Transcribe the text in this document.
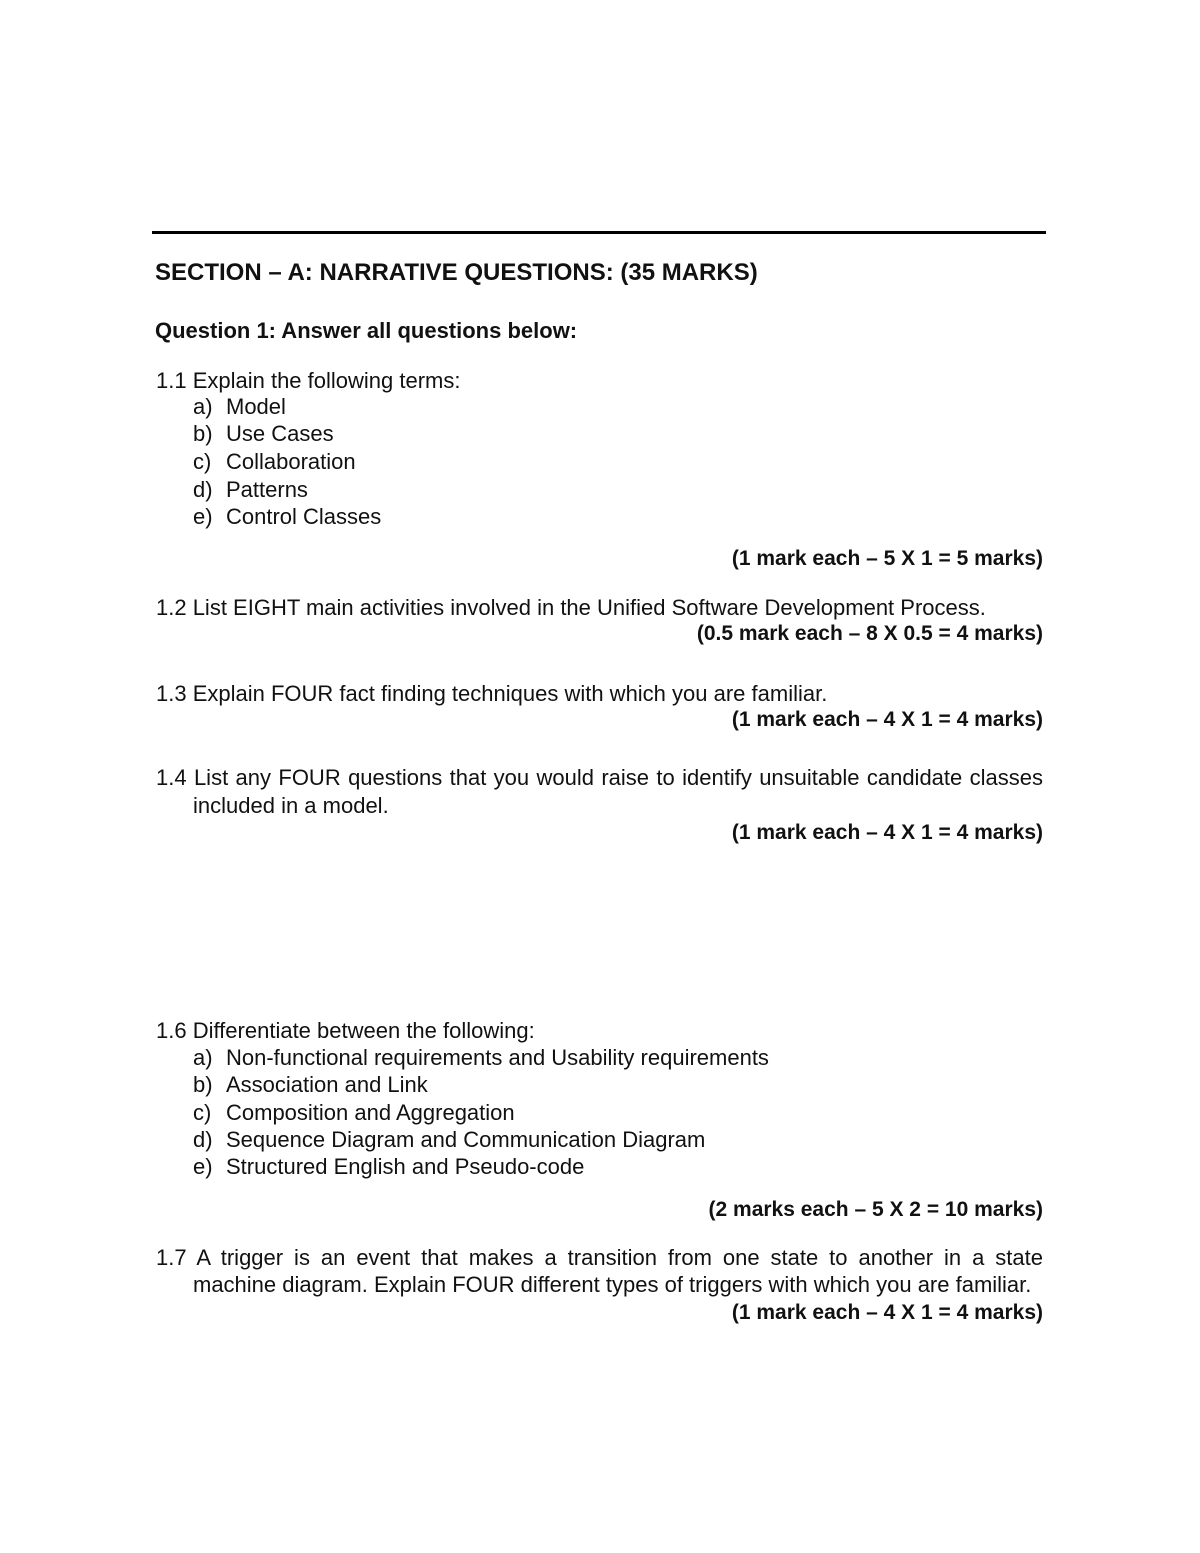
SECTION – A: NARRATIVE QUESTIONS: (35 MARKS)
Question 1: Answer all questions below:
1.1 Explain the following terms:
a) Model
b) Use Cases
c) Collaboration
d) Patterns
e) Control Classes
(1 mark each – 5 X 1 = 5 marks)
1.2 List EIGHT main activities involved in the Unified Software Development Process.
(0.5 mark each – 8 X 0.5 = 4 marks)
1.3 Explain FOUR fact finding techniques with which you are familiar.
(1 mark each – 4 X 1 = 4 marks)
1.4 List any FOUR questions that you would raise to identify unsuitable candidate classes
included in a model.
(1 mark each – 4 X 1 = 4 marks)
1.6 Differentiate between the following:
a) Non-functional requirements and Usability requirements
b) Association and Link
c) Composition and Aggregation
d) Sequence Diagram and Communication Diagram
e) Structured English and Pseudo-code
(2 marks each – 5 X 2 = 10 marks)
1.7 A trigger is an event that makes a transition from one state to another in a state
machine diagram. Explain FOUR different types of triggers with which you are familiar.
(1 mark each – 4 X 1 = 4 marks)
